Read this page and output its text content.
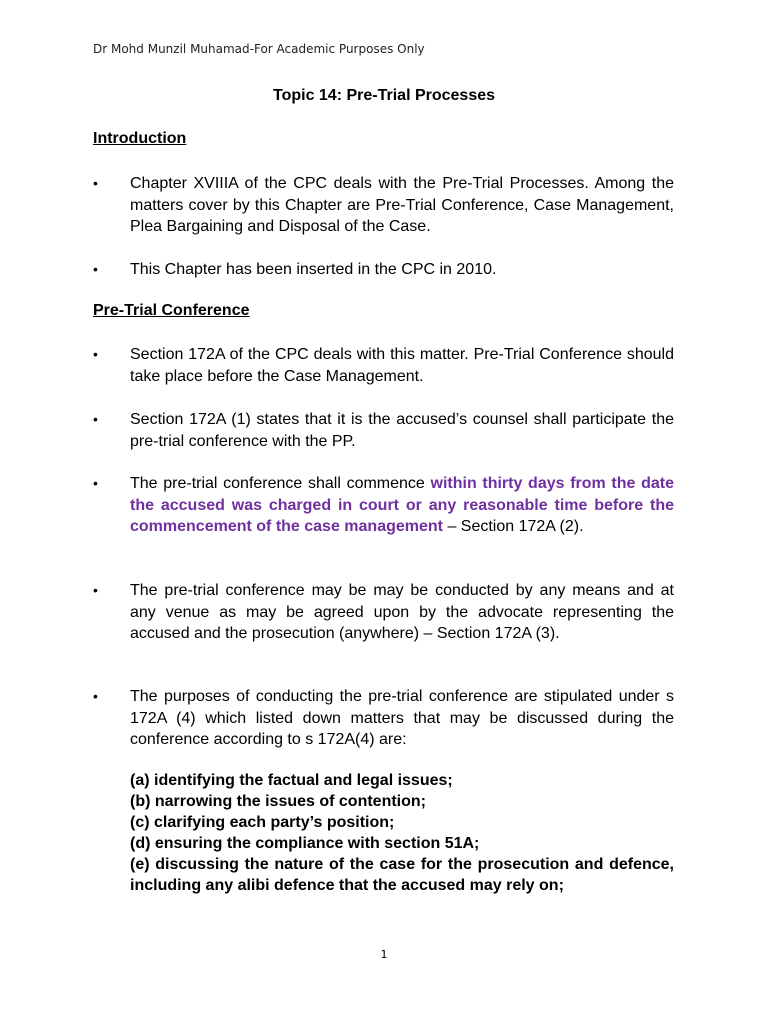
Dr Mohd Munzil Muhamad-For Academic Purposes Only
Topic 14: Pre-Trial Processes
Introduction
•	Chapter XVIIIA of the CPC deals with the Pre-Trial Processes. Among the matters cover by this Chapter are Pre-Trial Conference, Case Management, Plea Bargaining and Disposal of the Case.
•	This Chapter has been inserted in the CPC in 2010.
Pre-Trial Conference
•	Section 172A of the CPC deals with this matter. Pre-Trial Conference should take place before the Case Management.
•	Section 172A (1) states that it is the accused’s counsel shall participate the pre-trial conference with the PP.
•	The pre-trial conference shall commence within thirty days from the date the accused was charged in court or any reasonable time before the commencement of the case management – Section 172A (2).
•	The pre-trial conference may be may be conducted by any means and at any venue as may be agreed upon by the advocate representing the accused and the prosecution (anywhere) – Section 172A (3).
•	The purposes of conducting the pre-trial conference are stipulated under s 172A (4) which listed down matters that may be discussed during the conference according to s 172A(4) are:
(a) identifying the factual and legal issues;
(b) narrowing the issues of contention;
(c) clarifying each party’s position;
(d) ensuring the compliance with section 51A;
(e) discussing the nature of the case for the prosecution and defence, including any alibi defence that the accused may rely on;
1
